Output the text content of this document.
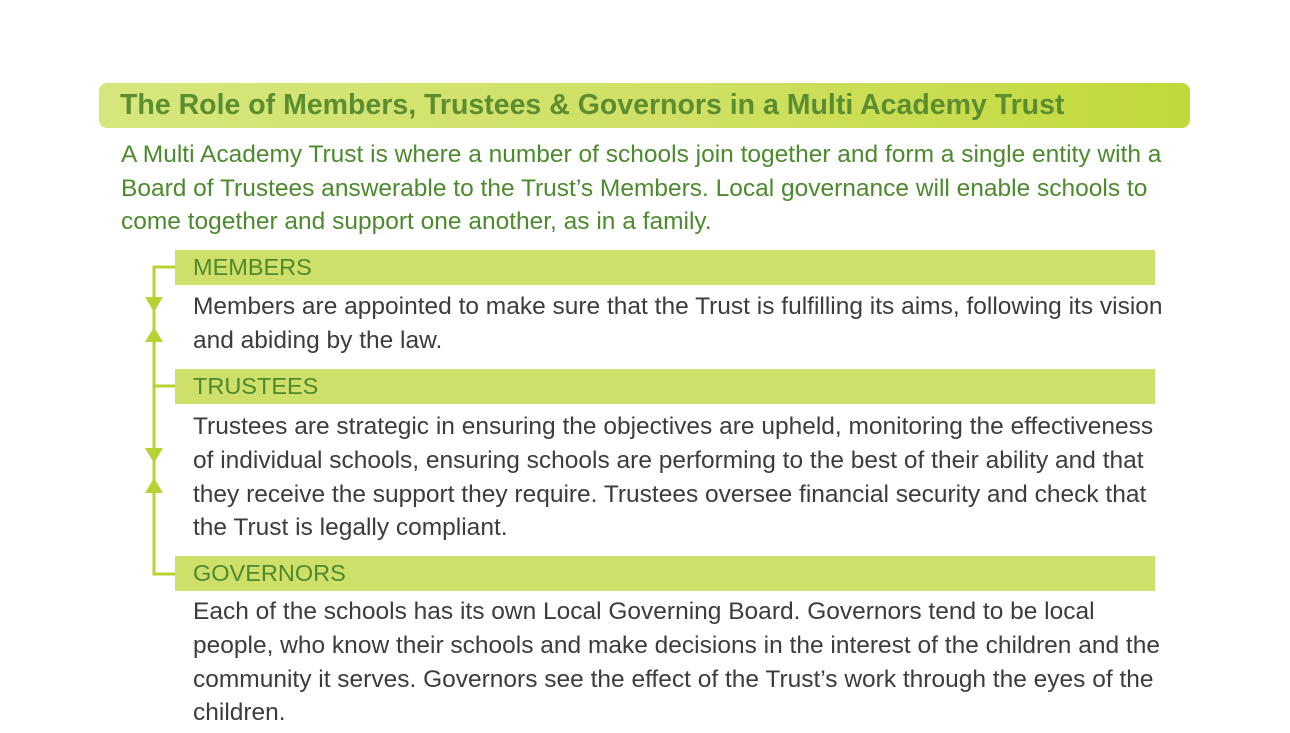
The Role of Members, Trustees & Governors in a Multi Academy Trust

A Multi Academy Trust is where a number of schools join together and form a single entity with a Board of Trustees answerable to the Trust’s Members. Local governance will enable schools to come together and support one another, as in a family.

MEMBERS

Members are appointed to make sure that the Trust is fulfilling its aims, following its vision and abiding by the law.

TRUSTEES

Trustees are strategic in ensuring the objectives are upheld, monitoring the effectiveness of individual schools, ensuring schools are performing to the best of their ability and that they receive the support they require. Trustees oversee financial security and check that the Trust is legally compliant.

GOVERNORS

Each of the schools has its own Local Governing Board. Governors tend to be local people, who know their schools and make decisions in the interest of the children and the community it serves. Governors see the effect of the Trust’s work through the eyes of the children.
